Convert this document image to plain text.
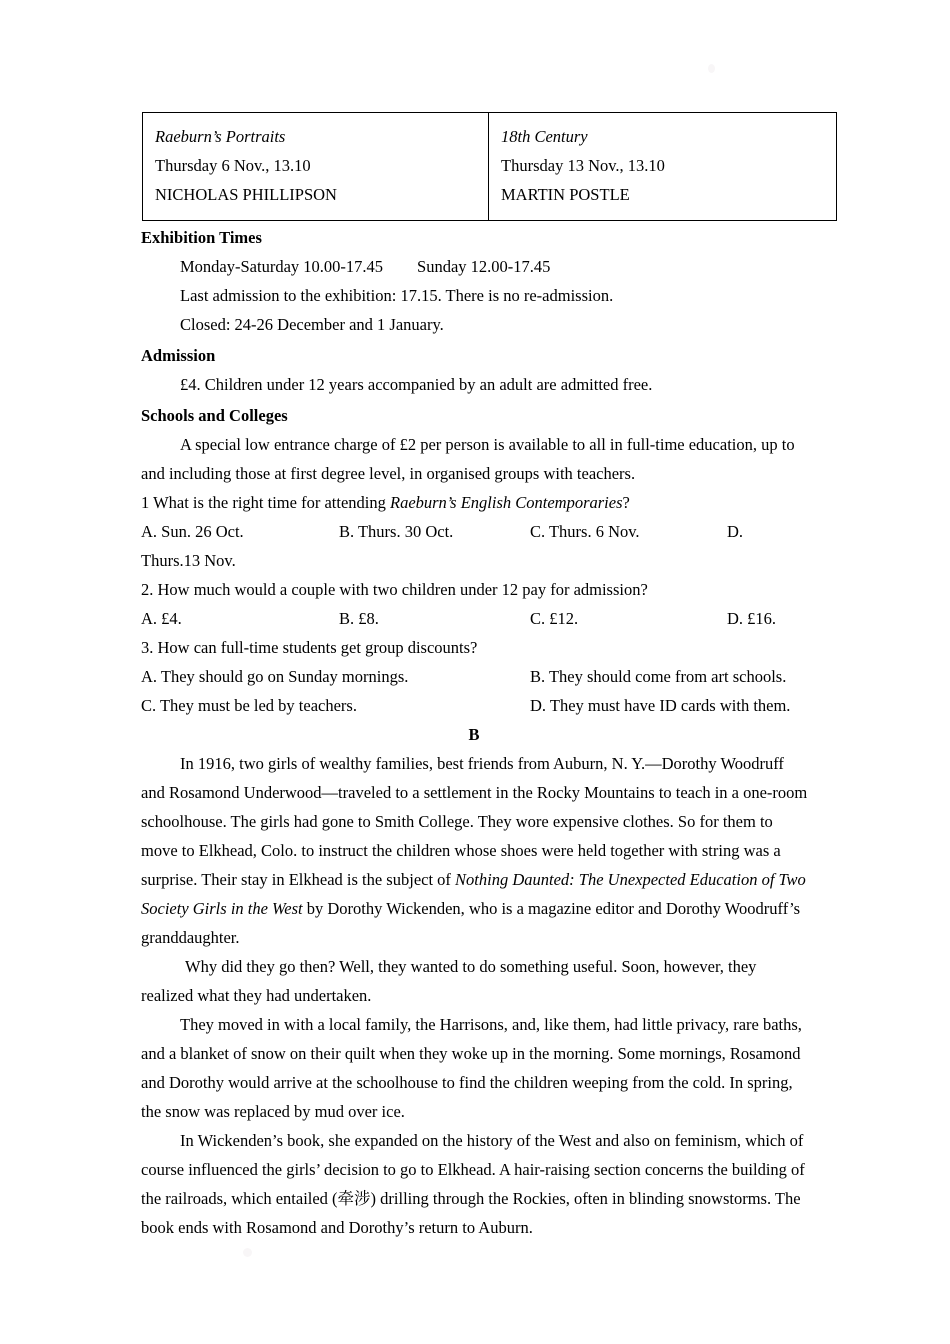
Raeburn’s Portraits
Thursday 6 Nov., 13.10
NICHOLAS PHILLIPSON

18th Century
Thursday 13 Nov., 13.10
MARTIN POSTLE
Exhibition Times

Monday-Saturday 10.00-17.45 Sunday 12.00-17.45

Last admission to the exhibition: 17.15. There is no re-admission.

Closed: 24-26 December and 1 January.

Admission

£4. Children under 12 years accompanied by an adult are admitted free.

Schools and Colleges

A special low entrance charge of £2 per person is available to all in full-time education, up to and including those at first degree level, in organised groups with teachers.

1 What is the right time for attending Raeburn’s English Contemporaries?

A. Sun. 26 Oct.	B. Thurs. 30 Oct.	C. Thurs. 6 Nov.	D.

Thurs.13 Nov.

2. How much would a couple with two children under 12 pay for admission?

A. £4.	B. £8.	C. £12.	D. £16.

3. How can full-time students get group discounts?

A. They should go on Sunday mornings.	B. They should come from art schools.
C. They must be led by teachers.	D. They must have ID cards with them.
B

In 1916, two girls of wealthy families, best friends from Auburn, N. Y.—Dorothy Woodruff and Rosamond Underwood—traveled to a settlement in the Rocky Mountains to teach in a one-room schoolhouse. The girls had gone to Smith College. They wore expensive clothes. So for them to move to Elkhead, Colo. to instruct the children whose shoes were held together with string was a surprise. Their stay in Elkhead is the subject of Nothing Daunted: The Unexpected Education of Two Society Girls in the West by Dorothy Wickenden, who is a magazine editor and Dorothy Woodruff’s granddaughter.

Why did they go then? Well, they wanted to do something useful. Soon, however, they realized what they had undertaken.

They moved in with a local family, the Harrisons, and, like them, had little privacy, rare baths, and a blanket of snow on their quilt when they woke up in the morning. Some mornings, Rosamond and Dorothy would arrive at the schoolhouse to find the children weeping from the cold. In spring, the snow was replaced by mud over ice.

In Wickenden’s book, she expanded on the history of the West and also on feminism, which of course influenced the girls’ decision to go to Elkhead. A hair-raising section concerns the building of the railroads, which entailed (牵涉) drilling through the Rockies, often in blinding snowstorms. The book ends with Rosamond and Dorothy’s return to Auburn.
